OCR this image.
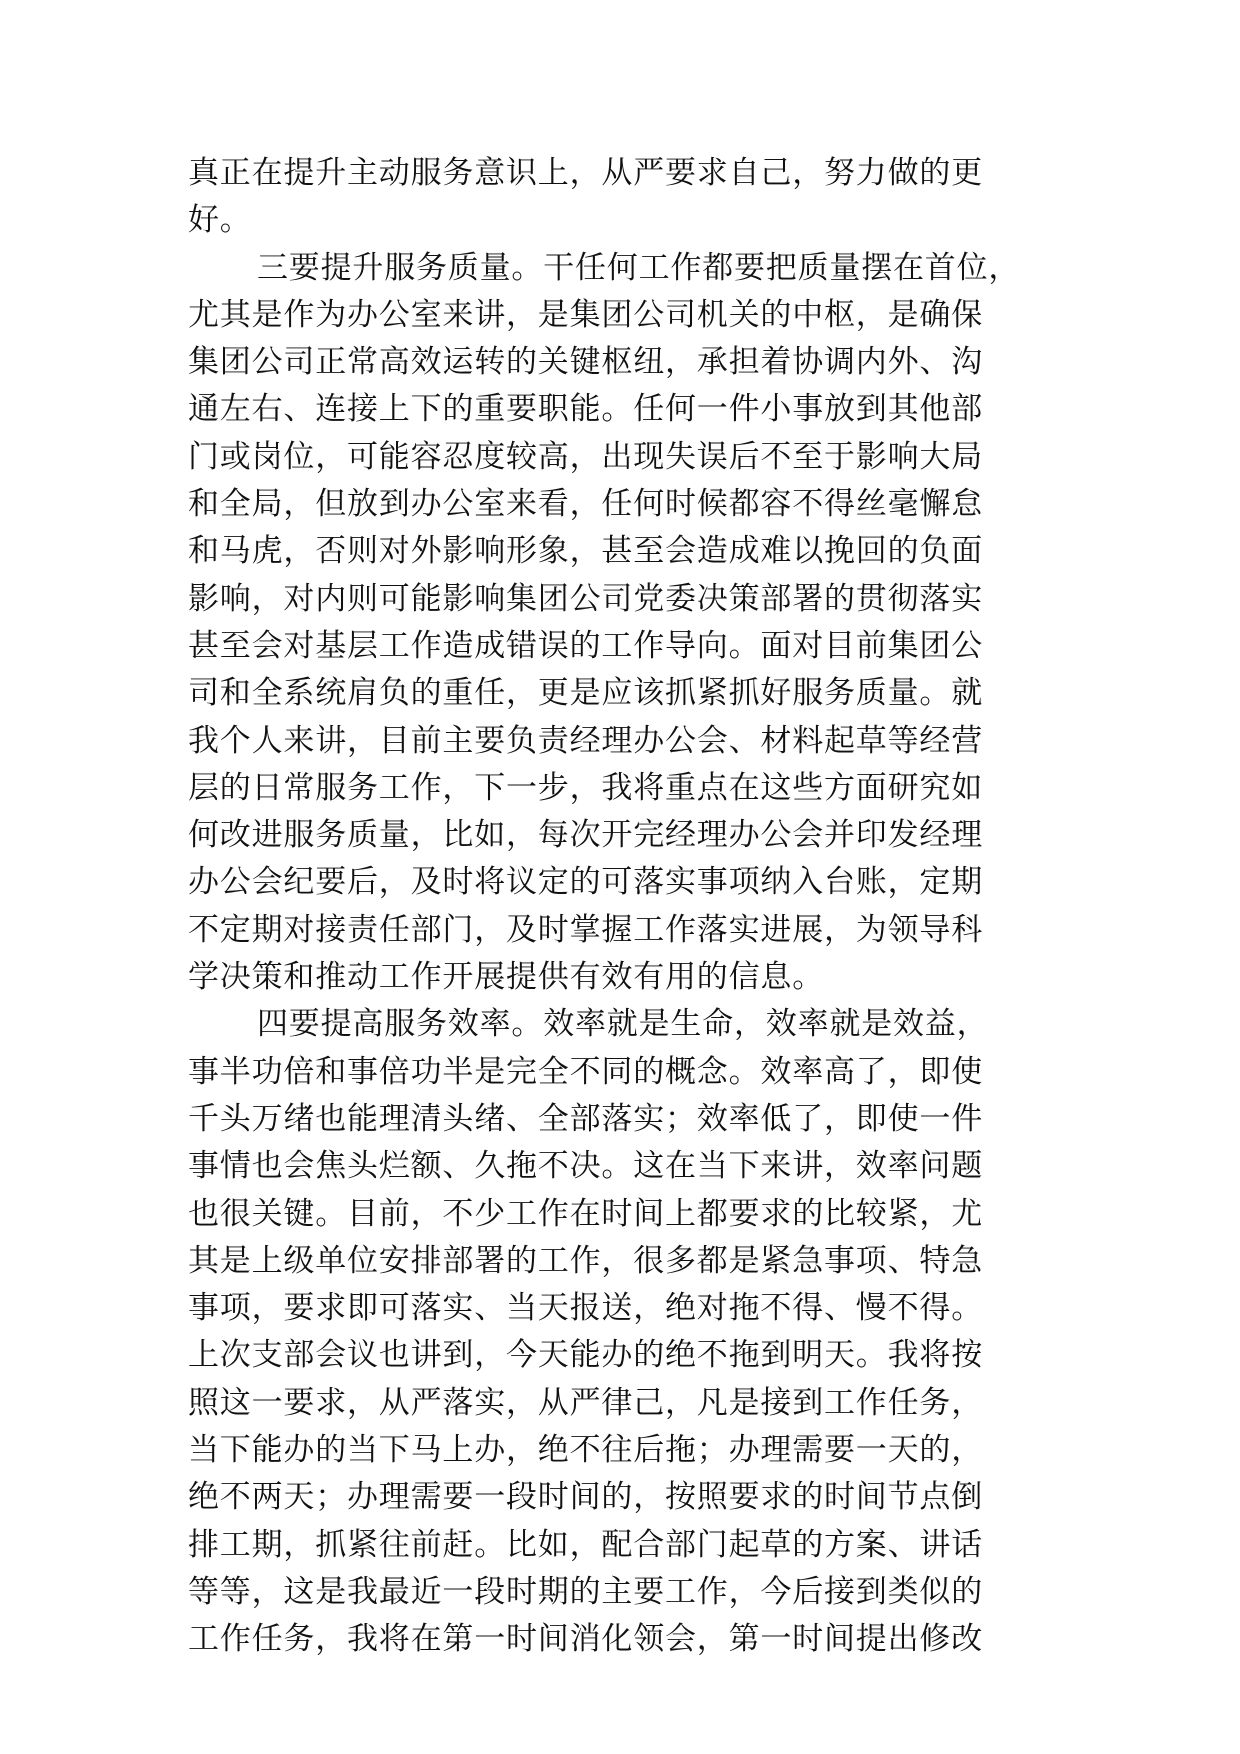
真正在提升主动服务意识上，从严要求自己，努力做的更
好。
三要提升服务质量。干任何工作都要把质量摆在首位，
尤其是作为办公室来讲，是集团公司机关的中枢，是确保
集团公司正常高效运转的关键枢纽，承担着协调内外、沟
通左右、连接上下的重要职能。任何一件小事放到其他部
门或岗位，可能容忍度较高，出现失误后不至于影响大局
和全局，但放到办公室来看，任何时候都容不得丝毫懈怠
和马虎，否则对外影响形象，甚至会造成难以挽回的负面
影响，对内则可能影响集团公司党委决策部署的贯彻落实
甚至会对基层工作造成错误的工作导向。面对目前集团公
司和全系统肩负的重任，更是应该抓紧抓好服务质量。就
我个人来讲，目前主要负责经理办公会、材料起草等经营
层的日常服务工作，下一步，我将重点在这些方面研究如
何改进服务质量，比如，每次开完经理办公会并印发经理
办公会纪要后，及时将议定的可落实事项纳入台账，定期
不定期对接责任部门，及时掌握工作落实进展，为领导科
学决策和推动工作开展提供有效有用的信息。
四要提高服务效率。效率就是生命，效率就是效益，
事半功倍和事倍功半是完全不同的概念。效率高了，即使
千头万绪也能理清头绪、全部落实；效率低了，即使一件
事情也会焦头烂额、久拖不决。这在当下来讲，效率问题
也很关键。目前，不少工作在时间上都要求的比较紧，尤
其是上级单位安排部署的工作，很多都是紧急事项、特急
事项，要求即可落实、当天报送，绝对拖不得、慢不得。
上次支部会议也讲到，今天能办的绝不拖到明天。我将按
照这一要求，从严落实，从严律己，凡是接到工作任务，
当下能办的当下马上办，绝不往后拖；办理需要一天的，
绝不两天；办理需要一段时间的，按照要求的时间节点倒
排工期，抓紧往前赶。比如，配合部门起草的方案、讲话
等等，这是我最近一段时期的主要工作，今后接到类似的
工作任务，我将在第一时间消化领会，第一时间提出修改
